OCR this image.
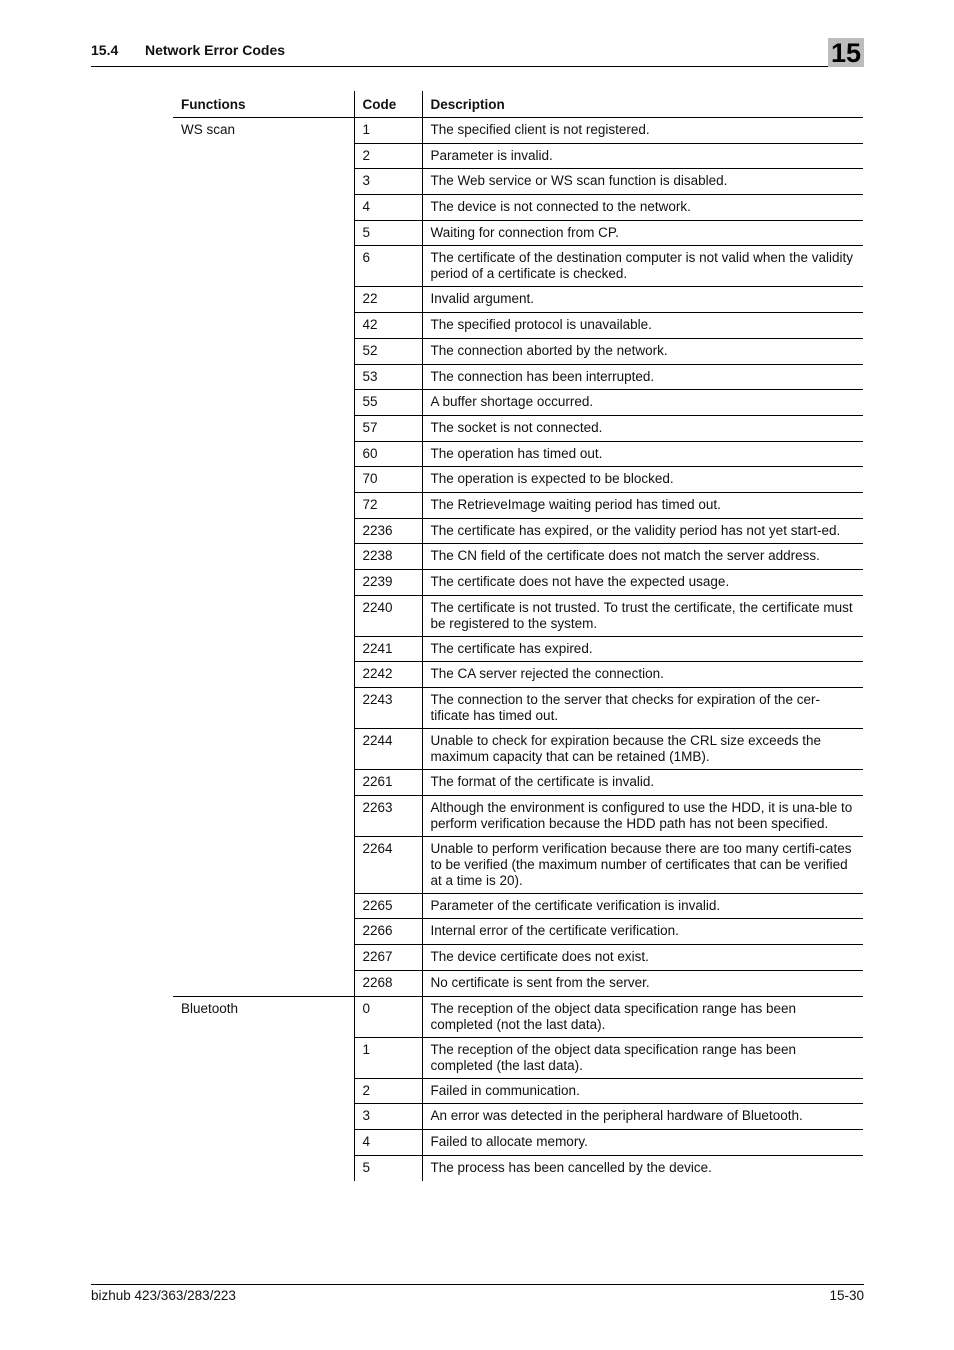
15.4 Network Error Codes	15
Functions	Code	Description
WS scan	1	The specified client is not registered.
	2	Parameter is invalid.
	3	The Web service or WS scan function is disabled.
	4	The device is not connected to the network.
	5	Waiting for connection from CP.
	6	The certificate of the destination computer is not valid when the validity period of a certificate is checked.
	22	Invalid argument.
	42	The specified protocol is unavailable.
	52	The connection aborted by the network.
	53	The connection has been interrupted.
	55	A buffer shortage occurred.
	57	The socket is not connected.
	60	The operation has timed out.
	70	The operation is expected to be blocked.
	72	The RetrieveImage waiting period has timed out.
	2236	The certificate has expired, or the validity period has not yet start-ed.
	2238	The CN field of the certificate does not match the server address.
	2239	The certificate does not have the expected usage.
	2240	The certificate is not trusted. To trust the certificate, the certificate must be registered to the system.
	2241	The certificate has expired.
	2242	The CA server rejected the connection.
	2243	The connection to the server that checks for expiration of the cer-tificate has timed out.
	2244	Unable to check for expiration because the CRL size exceeds the maximum capacity that can be retained (1MB).
	2261	The format of the certificate is invalid.
	2263	Although the environment is configured to use the HDD, it is una-ble to perform verification because the HDD path has not been specified.
	2264	Unable to perform verification because there are too many certifi-cates to be verified (the maximum number of certificates that can be verified at a time is 20).
	2265	Parameter of the certificate verification is invalid.
	2266	Internal error of the certificate verification.
	2267	The device certificate does not exist.
	2268	No certificate is sent from the server.
Bluetooth	0	The reception of the object data specification range has been completed (not the last data).
	1	The reception of the object data specification range has been completed (the last data).
	2	Failed in communication.
	3	An error was detected in the peripheral hardware of Bluetooth.
	4	Failed to allocate memory.
	5	The process has been cancelled by the device.
bizhub 423/363/283/223	15-30
